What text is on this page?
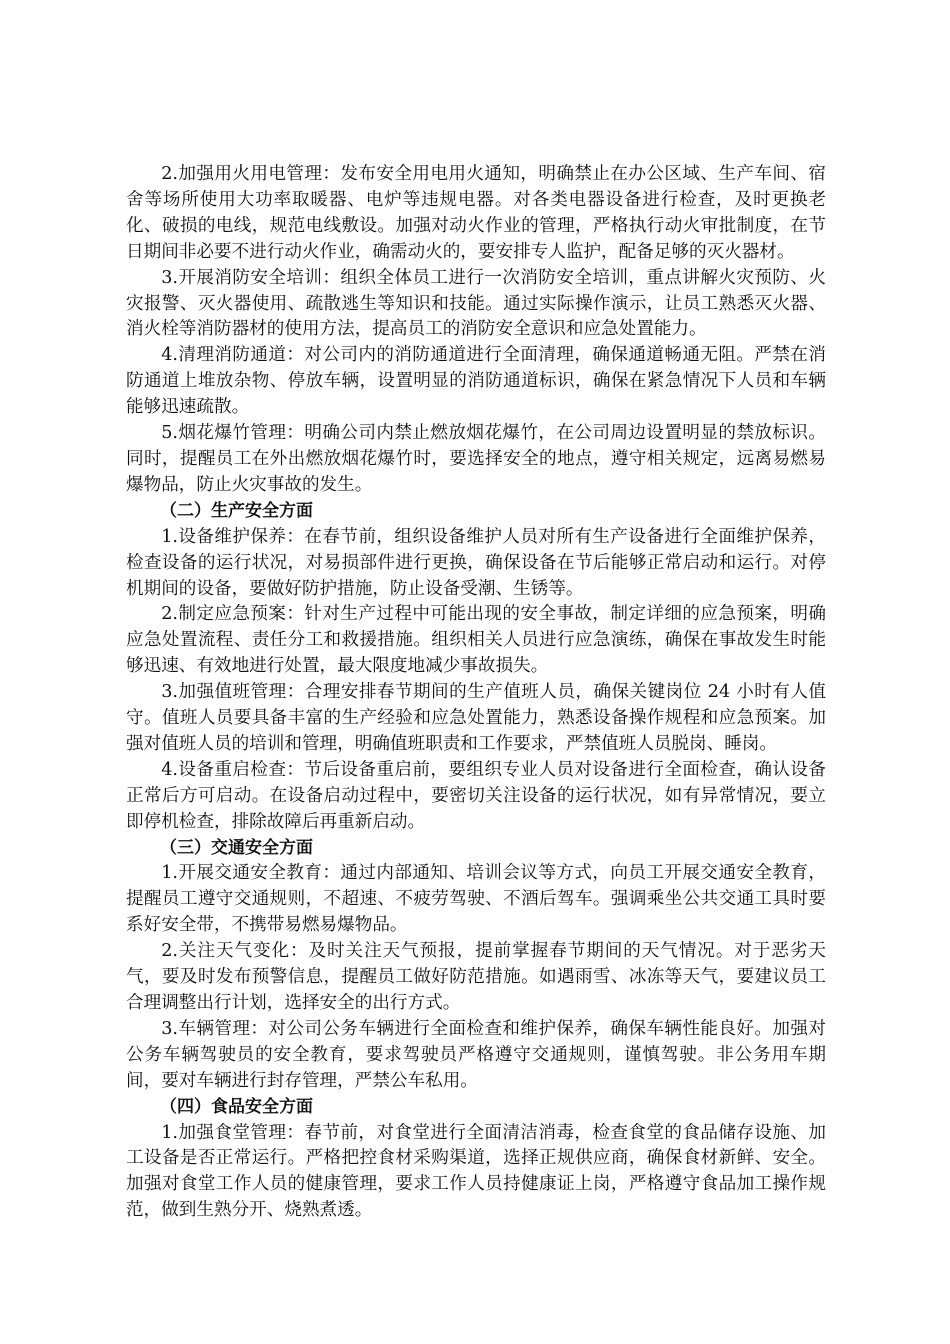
2.加强用火用电管理：发布安全用电用火通知，明确禁止在办公区域、生产车间、宿舍等场所使用大功率取暖器、电炉等违规电器。对各类电器设备进行检查，及时更换老化、破损的电线，规范电线敷设。加强对动火作业的管理，严格执行动火审批制度，在节日期间非必要不进行动火作业，确需动火的，要安排专人监护，配备足够的灭火器材。

3.开展消防安全培训：组织全体员工进行一次消防安全培训，重点讲解火灾预防、火灾报警、灭火器使用、疏散逃生等知识和技能。通过实际操作演示，让员工熟悉灭火器、消火栓等消防器材的使用方法，提高员工的消防安全意识和应急处置能力。

4.清理消防通道：对公司内的消防通道进行全面清理，确保通道畅通无阻。严禁在消防通道上堆放杂物、停放车辆，设置明显的消防通道标识，确保在紧急情况下人员和车辆能够迅速疏散。

5.烟花爆竹管理：明确公司内禁止燃放烟花爆竹，在公司周边设置明显的禁放标识。同时，提醒员工在外出燃放烟花爆竹时，要选择安全的地点，遵守相关规定，远离易燃易爆物品，防止火灾事故的发生。

（二）生产安全方面

1.设备维护保养：在春节前，组织设备维护人员对所有生产设备进行全面维护保养，检查设备的运行状况，对易损部件进行更换，确保设备在节后能够正常启动和运行。对停机期间的设备，要做好防护措施，防止设备受潮、生锈等。

2.制定应急预案：针对生产过程中可能出现的安全事故，制定详细的应急预案，明确应急处置流程、责任分工和救援措施。组织相关人员进行应急演练，确保在事故发生时能够迅速、有效地进行处置，最大限度地减少事故损失。

3.加强值班管理：合理安排春节期间的生产值班人员，确保关键岗位 24 小时有人值守。值班人员要具备丰富的生产经验和应急处置能力，熟悉设备操作规程和应急预案。加强对值班人员的培训和管理，明确值班职责和工作要求，严禁值班人员脱岗、睡岗。

4.设备重启检查：节后设备重启前，要组织专业人员对设备进行全面检查，确认设备正常后方可启动。在设备启动过程中，要密切关注设备的运行状况，如有异常情况，要立即停机检查，排除故障后再重新启动。

（三）交通安全方面

1.开展交通安全教育：通过内部通知、培训会议等方式，向员工开展交通安全教育，提醒员工遵守交通规则，不超速、不疲劳驾驶、不酒后驾车。强调乘坐公共交通工具时要系好安全带，不携带易燃易爆物品。

2.关注天气变化：及时关注天气预报，提前掌握春节期间的天气情况。对于恶劣天气，要及时发布预警信息，提醒员工做好防范措施。如遇雨雪、冰冻等天气，要建议员工合理调整出行计划，选择安全的出行方式。

3.车辆管理：对公司公务车辆进行全面检查和维护保养，确保车辆性能良好。加强对公务车辆驾驶员的安全教育，要求驾驶员严格遵守交通规则，谨慎驾驶。非公务用车期间，要对车辆进行封存管理，严禁公车私用。

（四）食品安全方面

1.加强食堂管理：春节前，对食堂进行全面清洁消毒，检查食堂的食品储存设施、加工设备是否正常运行。严格把控食材采购渠道，选择正规供应商，确保食材新鲜、安全。加强对食堂工作人员的健康管理，要求工作人员持健康证上岗，严格遵守食品加工操作规范，做到生熟分开、烧熟煮透。
